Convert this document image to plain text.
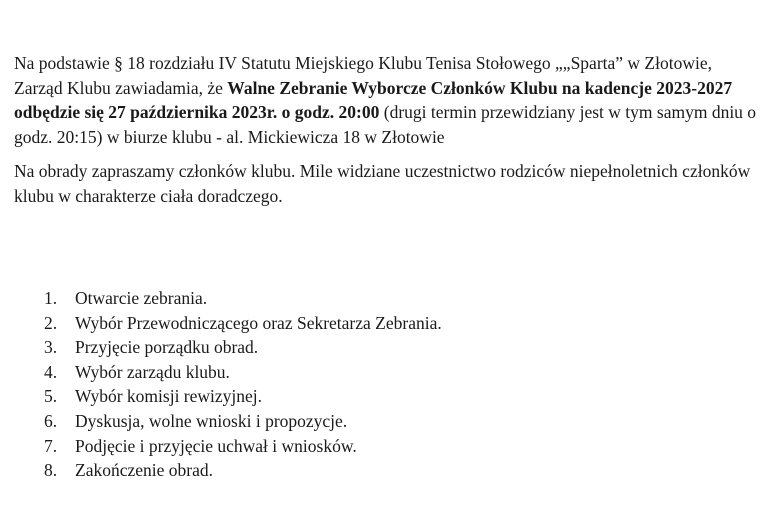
Na podstawie § 18 rozdziału IV Statutu Miejskiego Klubu Tenisa Stołowego „„Sparta” w Złotowie, Zarząd Klubu zawiadamia, że Walne Zebranie Wyborcze Członków Klubu na kadencje 2023-2027 odbędzie się 27 października 2023r. o godz. 20:00 (drugi termin przewidziany jest w tym samym dniu o godz. 20:15) w biurze klubu - al. Mickiewicza 18 w Złotowie

Na obrady zapraszamy członków klubu. Mile widziane uczestnictwo rodziców niepełnoletnich członków klubu w charakterze ciała doradczego.

1.	Otwarcie zebrania.
2.	Wybór Przewodniczącego oraz Sekretarza Zebrania.
3.	Przyjęcie porządku obrad.
4.	Wybór zarządu klubu.
5.	Wybór komisji rewizyjnej.
6.	Dyskusja, wolne wnioski i propozycje.
7.	Podjęcie i przyjęcie uchwał i wniosków.
8.	Zakończenie obrad.
